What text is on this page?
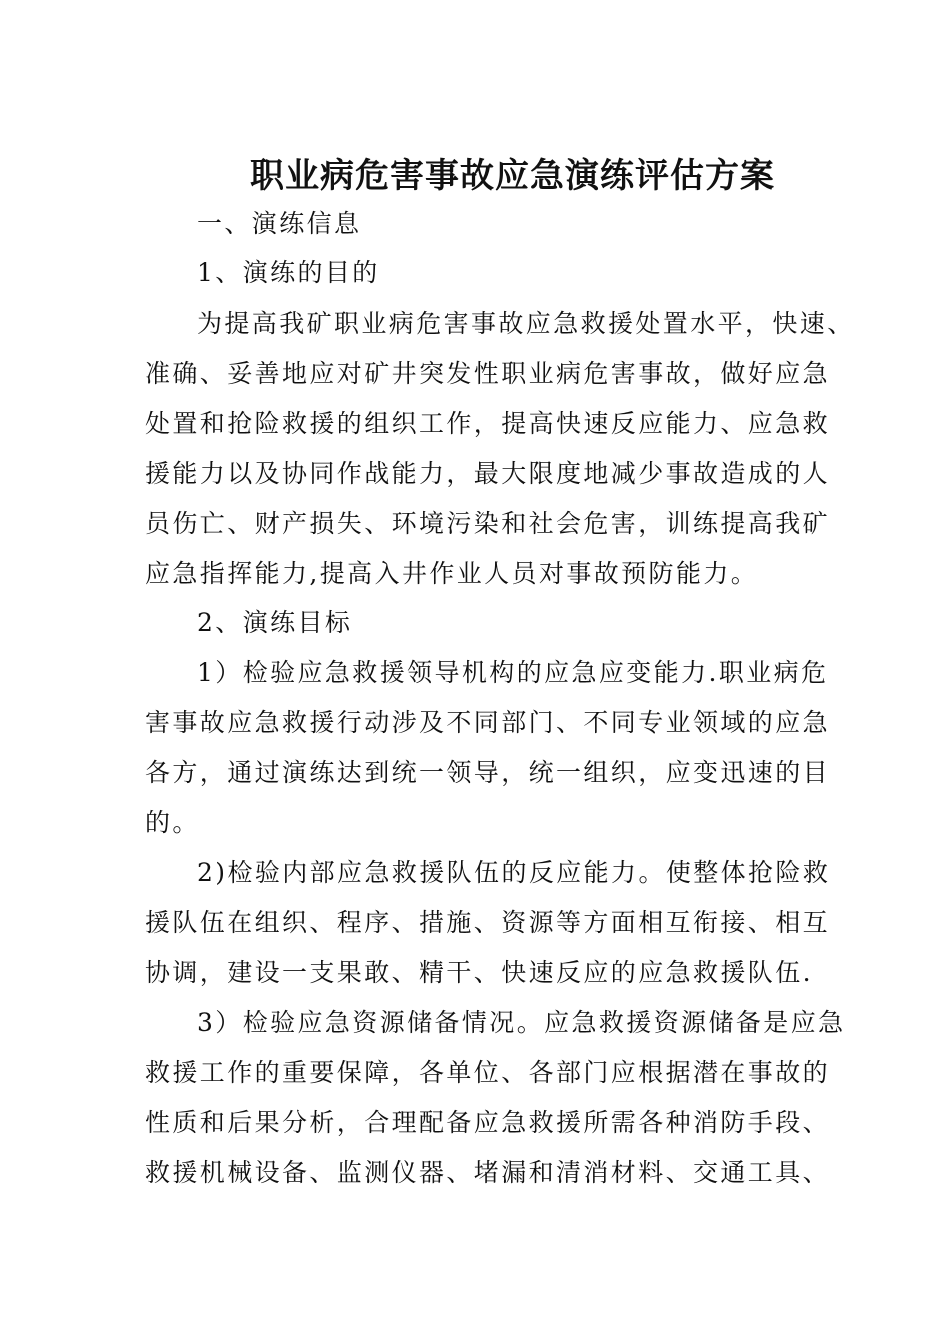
职业病危害事故应急演练评估方案

一、演练信息

1、演练的目的

为提高我矿职业病危害事故应急救援处置水平，快速、

准确、妥善地应对矿井突发性职业病危害事故，做好应急

处置和抢险救援的组织工作，提高快速反应能力、应急救

援能力以及协同作战能力，最大限度地减少事故造成的人

员伤亡、财产损失、环境污染和社会危害，训练提高我矿

应急指挥能力,提高入井作业人员对事故预防能力。

2、演练目标

1）检验应急救援领导机构的应急应变能力.职业病危

害事故应急救援行动涉及不同部门、不同专业领域的应急

各方，通过演练达到统一领导，统一组织，应变迅速的目

的。

2)检验内部应急救援队伍的反应能力。使整体抢险救

援队伍在组织、程序、措施、资源等方面相互衔接、相互

协调，建设一支果敢、精干、快速反应的应急救援队伍.

3）检验应急资源储备情况。应急救援资源储备是应急

救援工作的重要保障，各单位、各部门应根据潜在事故的

性质和后果分析，合理配备应急救援所需各种消防手段、

救援机械设备、监测仪器、堵漏和清消材料、交通工具、
